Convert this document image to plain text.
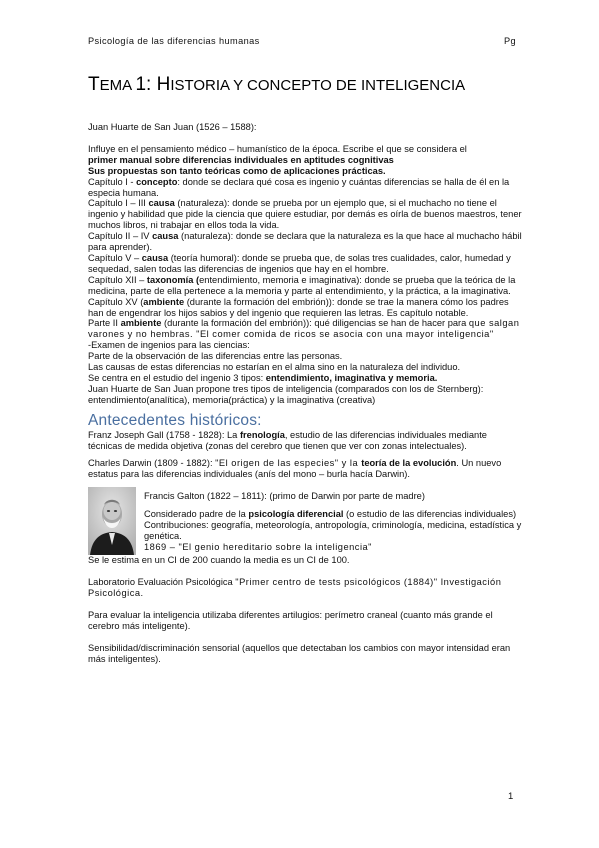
Psicología de las diferencias humanas	Pg
TEMA 1: HISTORIA Y CONCEPTO DE INTELIGENCIA

Juan Huarte de San Juan (1526 – 1588):

Influye en el pensamiento médico – humanístico de la época. Escribe el que se considera el
primer manual sobre diferencias individuales en aptitudes cognitivas
Sus propuestas son tanto teóricas como de aplicaciones prácticas.

Capítulo I - concepto: donde se declara qué cosa es ingenio y cuántas diferencias se halla de él en la especia humana.

Capítulo I – III causa (naturaleza): donde se prueba por un ejemplo que, si el muchacho no tiene el ingenio y habilidad que pide la ciencia que quiere estudiar, por demás es oírla de buenos maestros, tener muchos libros, ni trabajar en ellos toda la vida.

Capítulo II – IV causa (naturaleza): donde se declara que la naturaleza es la que hace al muchacho hábil para aprender).

Capítulo V – causa (teoría humoral): donde se prueba que, de solas tres cualidades, calor, humedad y sequedad, salen todas las diferencias de ingenios que hay en el hombre.

Capítulo XII – taxonomía (entendimiento, memoria e imaginativa): donde se prueba que la teórica de la medicina, parte de ella pertenece a la memoria y parte al entendimiento, y la práctica, a la imaginativa.

Capítulo XV (ambiente (durante la formación del embrión)): donde se trae la manera cómo los padres han de engendrar los hijos sabios y del ingenio que requieren las letras. Es capítulo notable.

Parte II ambiente (durante la formación del embrión)): qué diligencias se han de hacer para que salgan varones y no hembras. "El comer comida de ricos se asocia con una mayor inteligencia"

-Examen de ingenios para las ciencias:

Parte de la observación de las diferencias entre las personas.

Las causas de estas diferencias no estarían en el alma sino en la naturaleza del individuo.

Se centra en el estudio del ingenio 3 tipos: entendimiento, imaginativa y memoria.

Juan Huarte de San Juan propone tres tipos de inteligencia (comparados con los de Sternberg): entendimiento(analítica), memoria(práctica) y la imaginativa (creativa)

Antecedentes históricos:

Franz Joseph Gall (1758 - 1828): La frenología, estudio de las diferencias individuales mediante técnicas de medida objetiva (zonas del cerebro que tienen que ver con zonas intelectuales).

Charles Darwin (1809 - 1882): "El origen de las especies" y la teoría de la evolución. Un nuevo estatus para las diferencias individuales (anís del mono – burla hacía Darwin).

Francis Galton (1822 – 1811): (primo de Darwin por parte de madre)

Considerado padre de la psicología diferencial (o estudio de las diferencias individuales) Contribuciones: geografía, meteorología, antropología, criminología, medicina, estadística y genética.

1869 – "El genio hereditario sobre la inteligencia"

Se le estima en un CI de 200 cuando la media es un CI de 100.

Laboratorio Evaluación Psicológica "Primer centro de tests psicológicos (1884)" Investigación Psicológica.

Para evaluar la inteligencia utilizaba diferentes artilugios: perímetro craneal (cuanto más grande el cerebro más inteligente).

Sensibilidad/discriminación sensorial (aquellos que detectaban los cambios con mayor intensidad eran más inteligentes).

1
